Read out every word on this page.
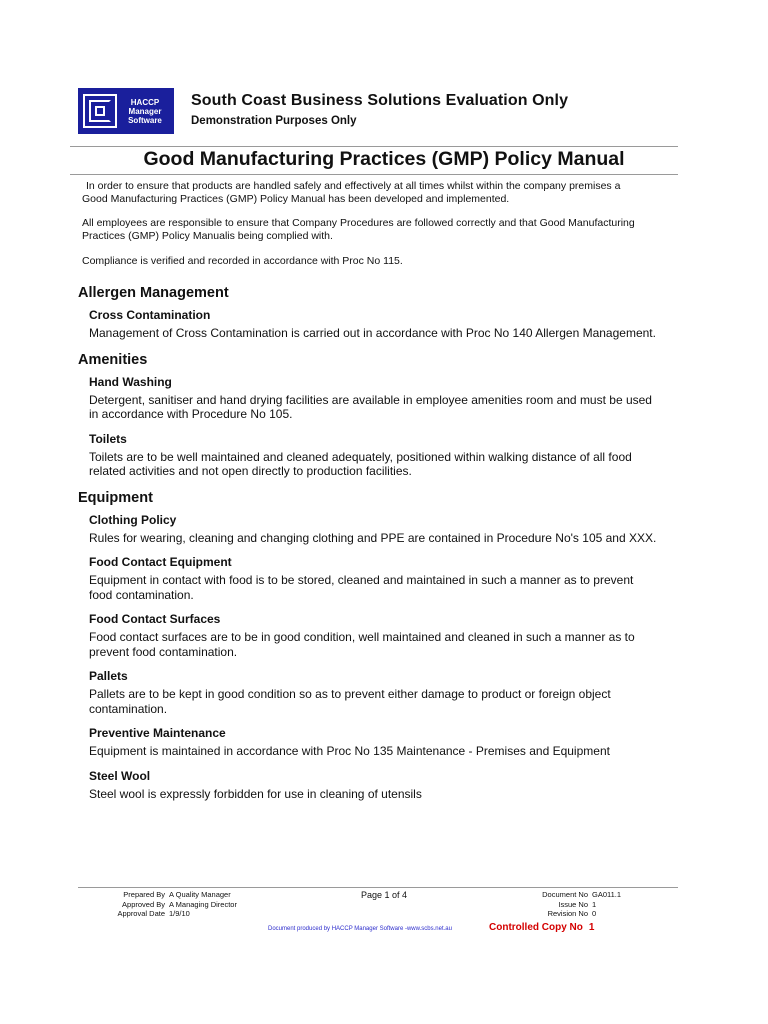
HACCP
Manager
Software
South Coast Business Solutions Evaluation Only
Demonstration Purposes Only
Good Manufacturing Practices (GMP) Policy Manual
In order to ensure that products are handled safely and effectively at all times whilst within the company premises a Good Manufacturing Practices (GMP) Policy Manual has been developed and implemented.
All employees are responsible to ensure that Company Procedures are followed correctly and that Good Manufacturing Practices (GMP) Policy Manualis being complied with.
Compliance is verified and recorded in accordance with Proc No 115.
Allergen Management
Cross Contamination
Management of Cross Contamination is carried out in accordance with Proc No 140 Allergen Management.
Amenities
Hand Washing
Detergent, sanitiser and hand drying facilities are available in employee amenities room and must be used in accordance with Procedure No 105.
Toilets
Toilets are to be well maintained and cleaned adequately, positioned within walking distance of all food related activities and not open directly to production facilities.
Equipment
Clothing Policy
Rules for wearing, cleaning and changing clothing and PPE are contained in Procedure No's 105 and XXX.
Food Contact Equipment
Equipment in contact with food is to be stored, cleaned and maintained in such a manner as to prevent food contamination.
Food Contact Surfaces
Food contact surfaces are to be in good condition, well maintained and cleaned in such a manner as to prevent food contamination.
Pallets
Pallets are to be kept in good condition so as to prevent either damage to product or foreign object contamination.
Preventive Maintenance
Equipment is maintained in accordance with Proc No 135 Maintenance - Premises and Equipment
Steel Wool
Steel wool is expressly forbidden for use in cleaning of utensils
Prepared By A Quality Manager
Approved By A Managing Director
Approval Date 1/9/10
Page 1 of 4	Document No GA011.1
Issue No 1
Revision No 0
Document produced by HACCP Manager Software -www.scbs.net.au	Controlled Copy No 1
